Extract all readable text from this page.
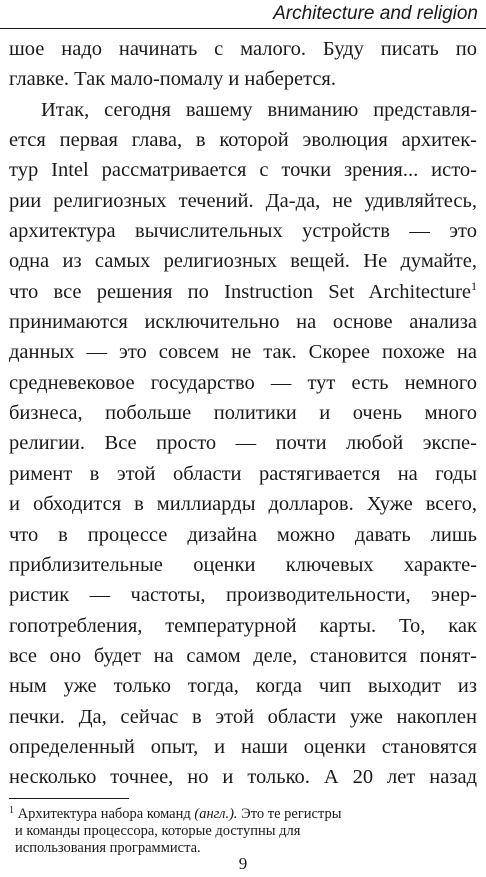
Architecture and religion
шое надо начинать с малого. Буду писать по
главке. Так мало-помалу и наберется.
Итак, сегодня вашему вниманию представля-
ется первая глава, в которой эволюция архитек-
тур Intel рассматривается с точки зрения... исто-
рии религиозных течений. Да-да, не удивляйтесь,
архитектура вычислительных устройств — это
одна из самых религиозных вещей. Не думайте,
что все решения по Instruction Set Architecture$^1$
принимаются исключительно на основе анализа
данных — это совсем не так. Скорее похоже на
средневековое государство — тут есть немного
бизнеса, побольше политики и очень много
религии. Все просто — почти любой экспе-
римент в этой области растягивается на годы
и обходится в миллиарды долларов. Хуже всего,
что в процессе дизайна можно давать лишь
приблизительные оценки ключевых характе-
ристик — частоты, производительности, энер-
гопотребления, температурной карты. То, как
все оно будет на самом деле, становится понят-
ным уже только тогда, когда чип выходит из
печки. Да, сейчас в этой области уже накоплен
определенный опыт, и наши оценки становятся
несколько точнее, но и только. А 20 лет назад
$^1$ Архитектура набора команд (англ.). Это те регистры
и команды процессора, которые доступны для
использования программиста.
9
